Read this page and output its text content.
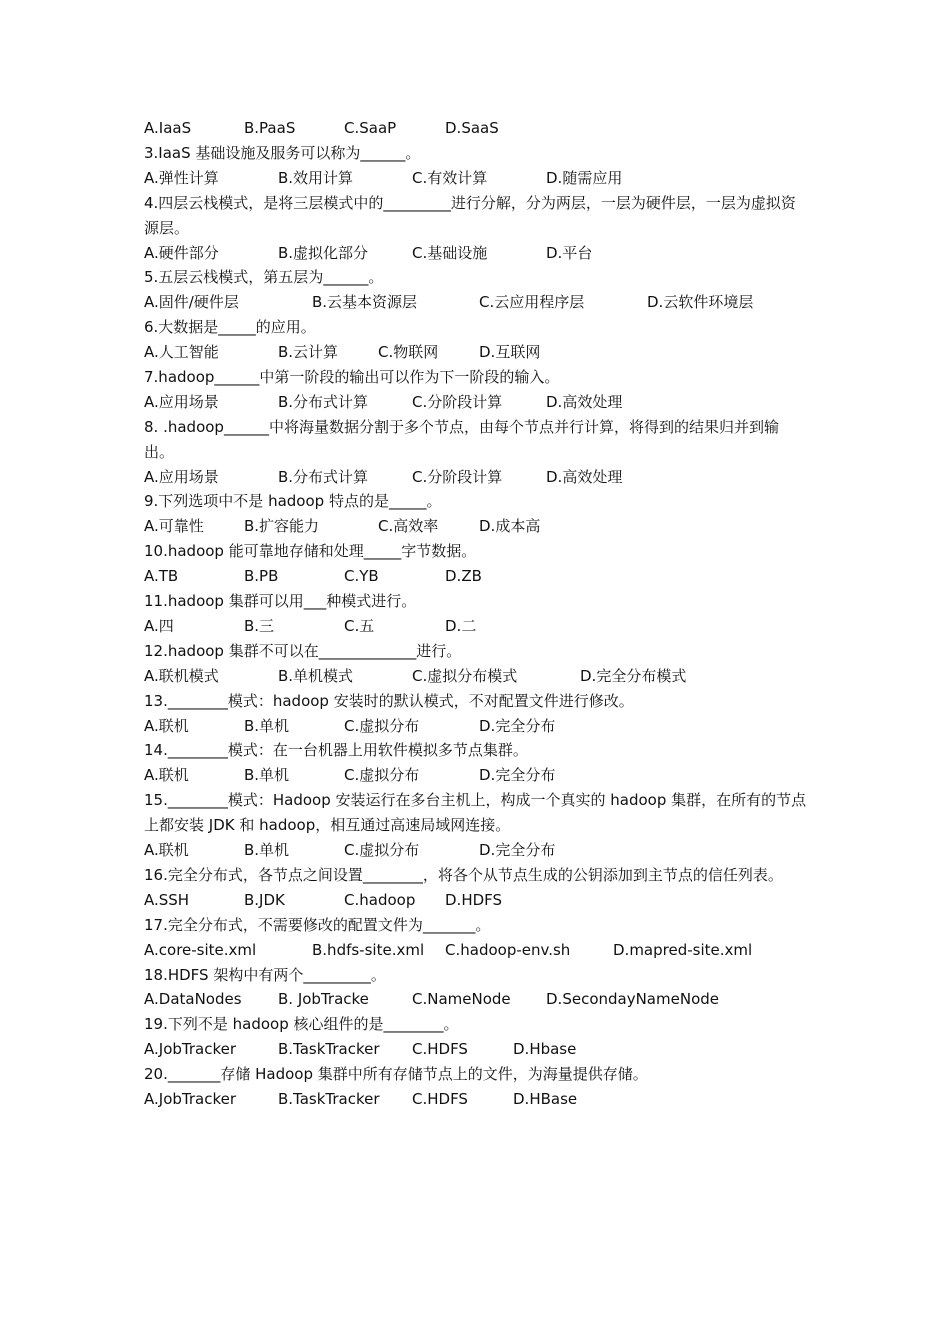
A.IaaS	B.PaaS	C.SaaP	D.SaaS
3.IaaS 基础设施及服务可以称为______。
A.弹性计算	B.效用计算	C.有效计算	D.随需应用
4.四层云栈模式，是将三层模式中的_________进行分解，分为两层，一层为硬件层，一层为虚拟资源层。
A.硬件部分	B.虚拟化部分	C.基础设施	D.平台
5.五层云栈模式，第五层为______。
A.固件/硬件层	B.云基本资源层	C.云应用程序层	D.云软件环境层
6.大数据是_____的应用。
A.人工智能	B.云计算	C.物联网	D.互联网
7.hadoop______中第一阶段的输出可以作为下一阶段的输入。
A.应用场景	B.分布式计算	C.分阶段计算	D.高效处理
8. .hadoop______中将海量数据分割于多个节点，由每个节点并行计算，将得到的结果归并到输出。
A.应用场景	B.分布式计算	C.分阶段计算	D.高效处理
9.下列选项中不是 hadoop 特点的是_____。
A.可靠性	B.扩容能力	C.高效率	D.成本高
10.hadoop 能可靠地存储和处理_____字节数据。
A.TB	B.PB	C.YB	D.ZB
11.hadoop 集群可以用___种模式进行。
A.四	B.三	C.五	D.二
12.hadoop 集群不可以在_____________进行。
A.联机模式	B.单机模式	C.虚拟分布模式	D.完全分布模式
13.________模式：hadoop 安装时的默认模式，不对配置文件进行修改。
A.联机	B.单机	C.虚拟分布	D.完全分布
14.________模式：在一台机器上用软件模拟多节点集群。
A.联机	B.单机	C.虚拟分布	D.完全分布
15.________模式：Hadoop 安装运行在多台主机上，构成一个真实的 hadoop 集群，在所有的节点上都安装 JDK 和 hadoop，相互通过高速局域网连接。
A.联机	B.单机	C.虚拟分布	D.完全分布
16.完全分布式，各节点之间设置________，将各个从节点生成的公钥添加到主节点的信任列表。
A.SSH	B.JDK	C.hadoop D.HDFS
17.完全分布式，不需要修改的配置文件为_______。
A.core-site.xml	B.hdfs-site.xml C.hadoop-env.sh	D.mapred-site.xml
18.HDFS 架构中有两个_________。
A.DataNodes B. JobTracke	C.NameNode D.SecondayNameNode
19.下列不是 hadoop 核心组件的是________。
A.JobTracker	B.TaskTracker C.HDFS	D.Hbase
20._______存储 Hadoop 集群中所有存储节点上的文件，为海量提供存储。
A.JobTracker	B.TaskTracker C.HDFS	D.HBase
